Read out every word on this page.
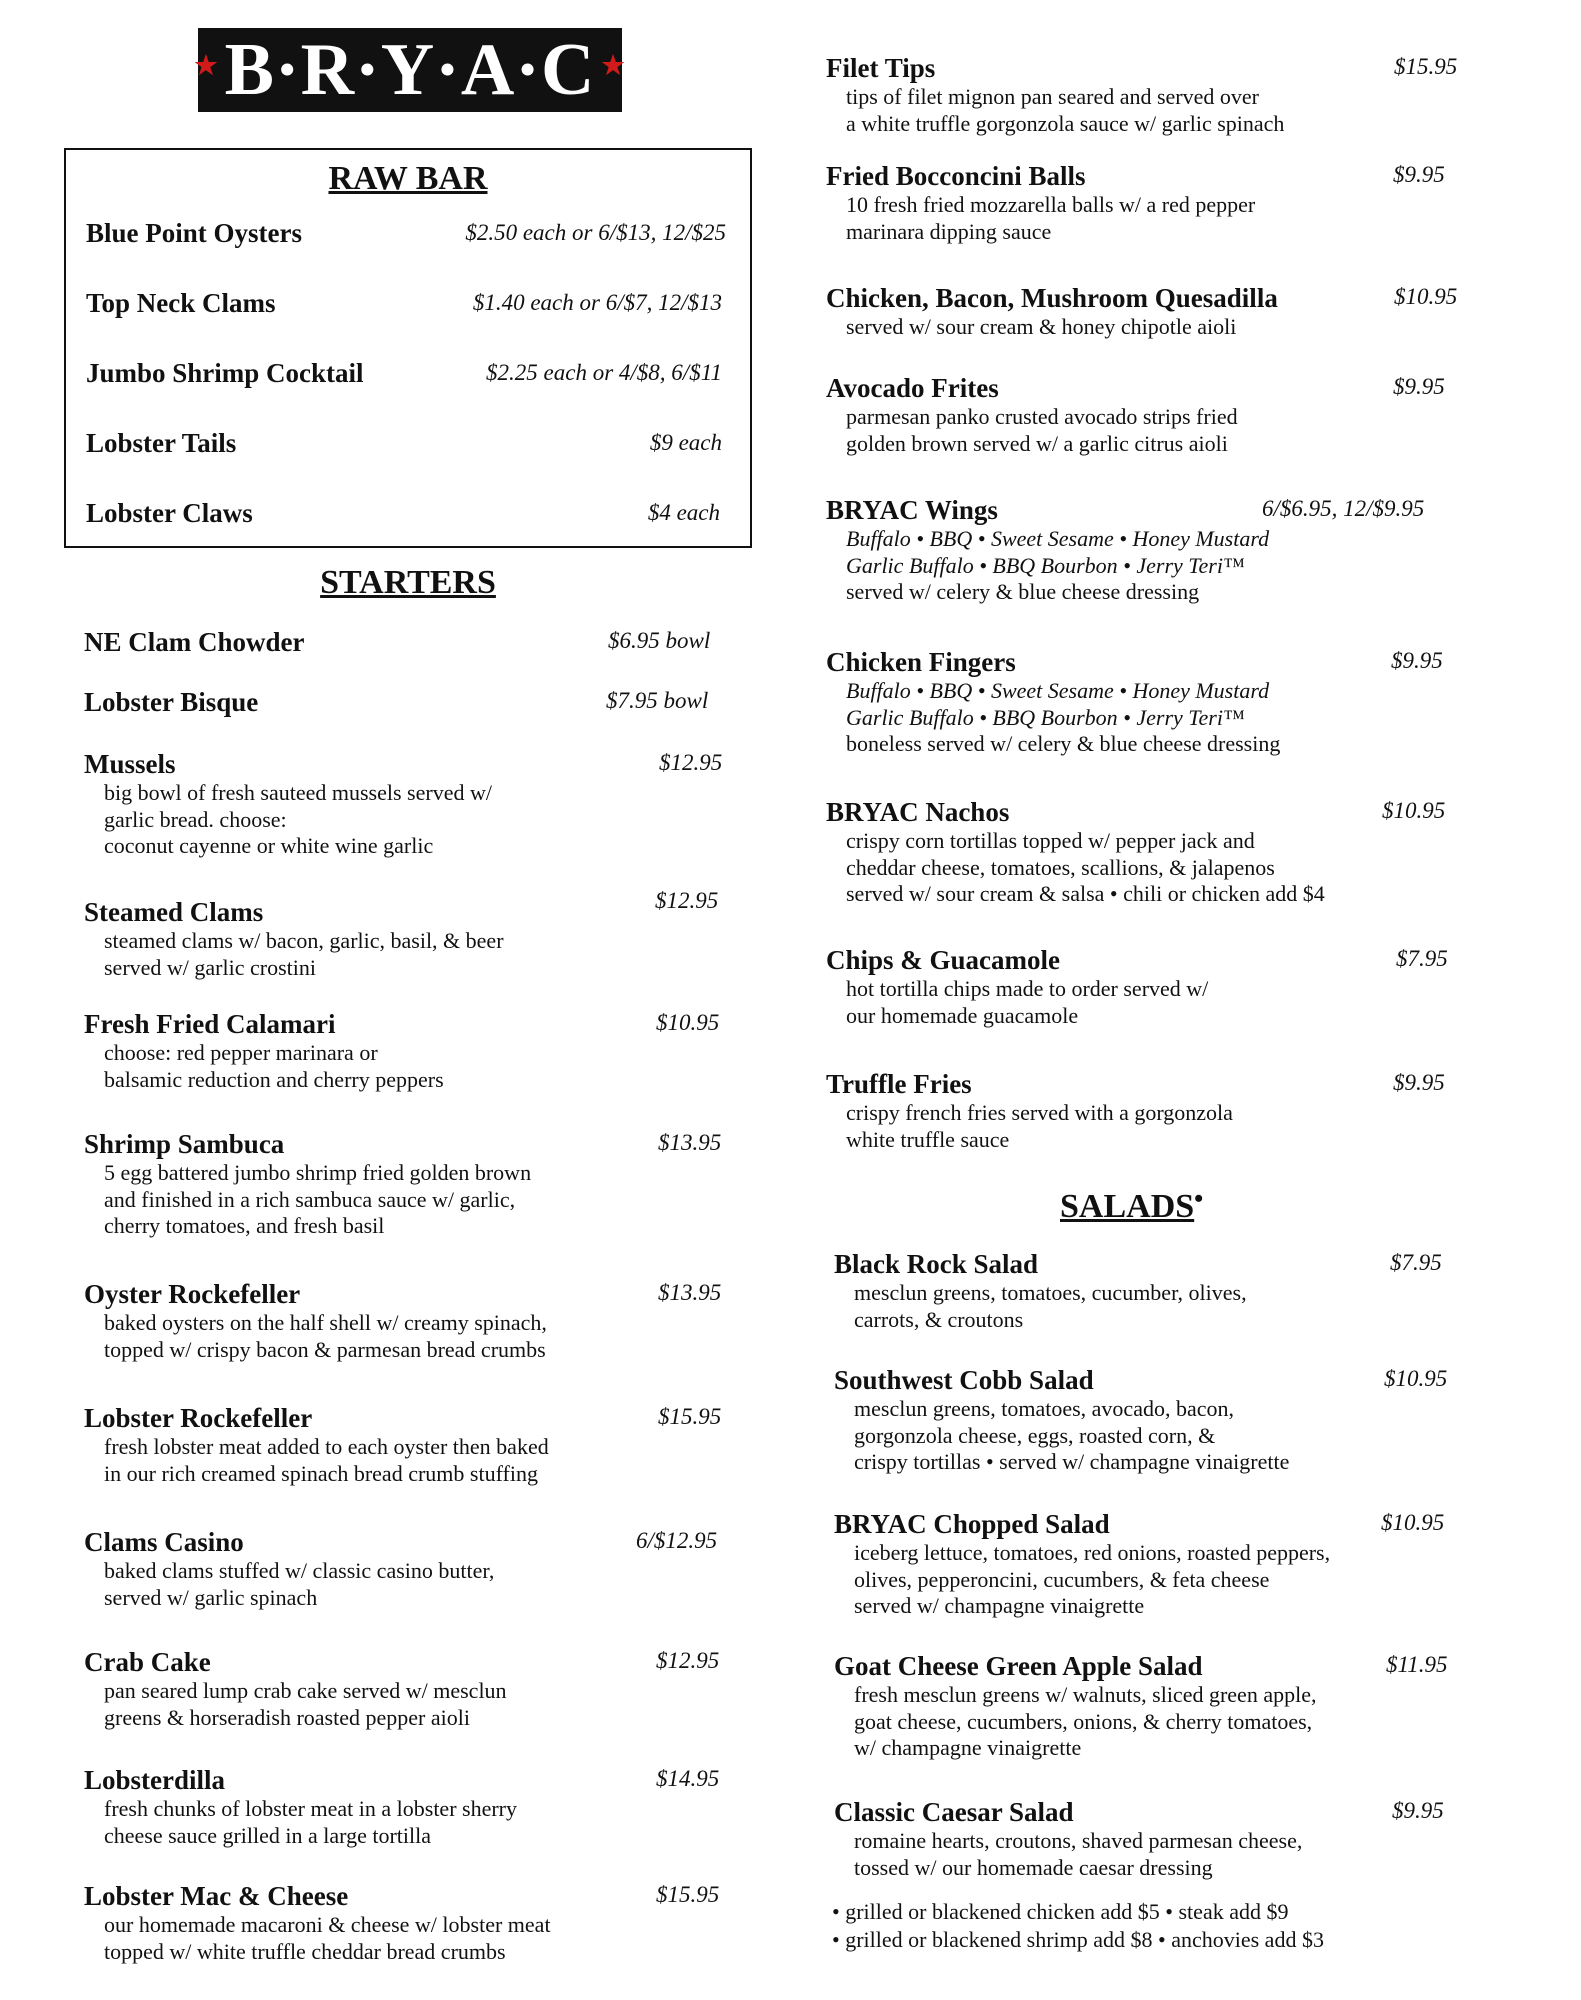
★ B·R·Y·A·C ★
RAW BAR
Blue Point Oysters	$2.50 each or 6/$13, 12/$25
Top Neck Clams	$1.40 each or 6/$7, 12/$13
Jumbo Shrimp Cocktail	$2.25 each or 4/$8, 6/$11
Lobster Tails	$9 each
Lobster Claws	$4 each
STARTERS
NE Clam Chowder	$6.95 bowl
Lobster Bisque	$7.95 bowl
Mussels	$12.95
big bowl of fresh sauteed mussels served w/
garlic bread. choose:
coconut cayenne or white wine garlic
Steamed Clams	$12.95
steamed clams w/ bacon, garlic, basil, & beer
served w/ garlic crostini
Fresh Fried Calamari	$10.95
choose: red pepper marinara or
balsamic reduction and cherry peppers
Shrimp Sambuca	$13.95
5 egg battered jumbo shrimp fried golden brown
and finished in a rich sambuca sauce w/ garlic,
cherry tomatoes, and fresh basil
Oyster Rockefeller	$13.95
baked oysters on the half shell w/ creamy spinach,
topped w/ crispy bacon & parmesan bread crumbs
Lobster Rockefeller	$15.95
fresh lobster meat added to each oyster then baked
in our rich creamed spinach bread crumb stuffing
Clams Casino	6/$12.95
baked clams stuffed w/ classic casino butter,
served w/ garlic spinach
Crab Cake	$12.95
pan seared lump crab cake served w/ mesclun
greens & horseradish roasted pepper aioli
Lobsterdilla	$14.95
fresh chunks of lobster meat in a lobster sherry
cheese sauce grilled in a large tortilla
Lobster Mac & Cheese	$15.95
our homemade macaroni & cheese w/ lobster meat
topped w/ white truffle cheddar bread crumbs
Filet Tips	$15.95
tips of filet mignon pan seared and served over
a white truffle gorgonzola sauce w/ garlic spinach
Fried Bocconcini Balls	$9.95
10 fresh fried mozzarella balls w/ a red pepper
marinara dipping sauce
Chicken, Bacon, Mushroom Quesadilla	$10.95
served w/ sour cream & honey chipotle aioli
Avocado Frites	$9.95
parmesan panko crusted avocado strips fried
golden brown served w/ a garlic citrus aioli
BRYAC Wings	6/$6.95, 12/$9.95
Buffalo • BBQ • Sweet Sesame • Honey Mustard
Garlic Buffalo • BBQ Bourbon • Jerry Teri™
served w/ celery & blue cheese dressing
Chicken Fingers	$9.95
Buffalo • BBQ • Sweet Sesame • Honey Mustard
Garlic Buffalo • BBQ Bourbon • Jerry Teri™
boneless served w/ celery & blue cheese dressing
BRYAC Nachos	$10.95
crispy corn tortillas topped w/ pepper jack and
cheddar cheese, tomatoes, scallions, & jalapenos
served w/ sour cream & salsa • chili or chicken add $4
Chips & Guacamole	$7.95
hot tortilla chips made to order served w/
our homemade guacamole
Truffle Fries	$9.95
crispy french fries served with a gorgonzola
white truffle sauce
SALADS•
Black Rock Salad	$7.95
mesclun greens, tomatoes, cucumber, olives,
carrots, & croutons
Southwest Cobb Salad	$10.95
mesclun greens, tomatoes, avocado, bacon,
gorgonzola cheese, eggs, roasted corn, &
crispy tortillas • served w/ champagne vinaigrette
BRYAC Chopped Salad	$10.95
iceberg lettuce, tomatoes, red onions, roasted peppers,
olives, pepperoncini, cucumbers, & feta cheese
served w/ champagne vinaigrette
Goat Cheese Green Apple Salad	$11.95
fresh mesclun greens w/ walnuts, sliced green apple,
goat cheese, cucumbers, onions, & cherry tomatoes,
w/ champagne vinaigrette
Classic Caesar Salad	$9.95
romaine hearts, croutons, shaved parmesan cheese,
tossed w/ our homemade caesar dressing
• grilled or blackened chicken add $5 • steak add $9
• grilled or blackened shrimp add $8 • anchovies add $3
